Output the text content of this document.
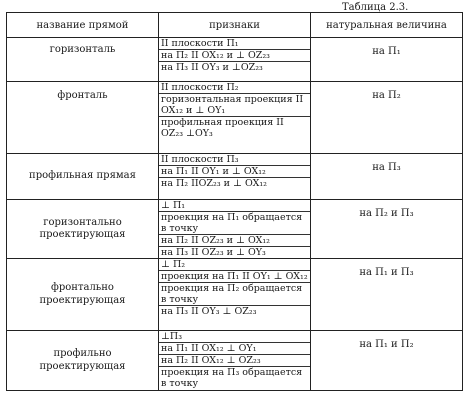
Таблица 2.3.
название прямой	признаки	натуральная величина
горизонталь	II плоскости П₁
на П₂ II OX₁₂ и ⊥ OZ₂₃
на П₃ II OY₃ и ⊥OZ₂₃	на П₁
фронталь	II плоскости П₂
горизонтальная проекция II OX₁₂ и ⊥ OY₁
профильная проекция II OZ₂₃ ⊥OY₃	на П₂
профильная прямая	II плоскости П₃
на П₁ II OY₁ и ⊥ OX₁₂
на П₂ IIOZ₂₃ и ⊥ OX₁₂	на П₃
горизонтально проектирующая	⊥ П₁
проекция на П₁ обращается в точку
на П₂ II OZ₂₃ и ⊥ OX₁₂
на П₃ II OZ₂₃ и ⊥ OY₃	на П₂ и П₃
фронтально проектирующая	⊥ П₂
проекция на П₁ II OY₁ ⊥ OX₁₂
проекция на П₂ обращается в точку
на П₃ II OY₃ ⊥ OZ₂₃	на П₁ и П₃
профильно проектирующая	⊥П₃
на П₁ II OX₁₂ ⊥ OY₁
на П₂ II OX₁₂ ⊥ OZ₂₃
проекция на П₃ обращается в точку	на П₁ и П₂
